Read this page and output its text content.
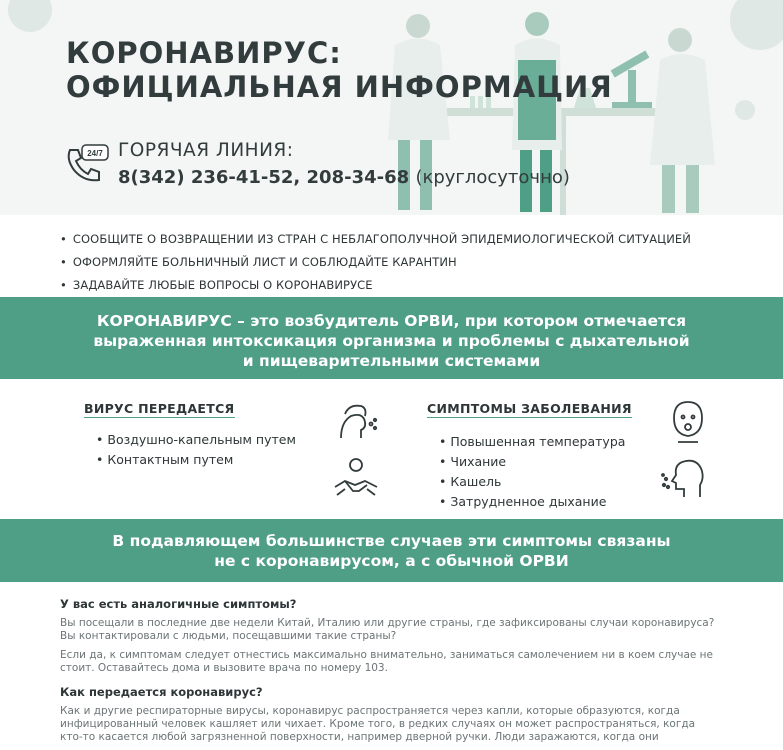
КОРОНАВИРУС:
ОФИЦИАЛЬНАЯ ИНФОРМАЦИЯ
24/7 ГОРЯЧАЯ ЛИНИЯ:
8(342) 236-41-52, 208-34-68 (круглосуточно)
• СООБЩИТЕ О ВОЗВРАЩЕНИИ ИЗ СТРАН С НЕБЛАГОПОЛУЧНОЙ ЭПИДЕМИОЛОГИЧЕСКОЙ СИТУАЦИЕЙ
• ОФОРМЛЯЙТЕ БОЛЬНИЧНЫЙ ЛИСТ И СОБЛЮДАЙТЕ КАРАНТИН
• ЗАДАВАЙТЕ ЛЮБЫЕ ВОПРОСЫ О КОРОНАВИРУСЕ
КОРОНАВИРУС – это возбудитель ОРВИ, при котором отмечается
выраженная интоксикация организма и проблемы с дыхательной
и пищеварительными системами
ВИРУС ПЕРЕДАЕТСЯ
• Воздушно-капельным путем
• Контактным путем
СИМПТОМЫ ЗАБОЛЕВАНИЯ
• Повышенная температура
• Чихание
• Кашель
• Затрудненное дыхание
В подавляющем большинстве случаев эти симптомы связаны
не с коронавирусом, а с обычной ОРВИ
У вас есть аналогичные симптомы?

Вы посещали в последние две недели Китай, Италию или другие страны, где зафиксированы случаи коронавируса? Вы контактировали с людьми, посещавшими такие страны?

Если да, к симптомам следует отнестись максимально внимательно, заниматься самолечением ни в коем случае не стоит. Оставайтесь дома и вызовите врача по номеру 103.

Как передается коронавирус?

Как и другие респираторные вирусы, коронавирус распространяется через капли, которые образуются, когда инфицированный человек кашляет или чихает. Кроме того, в редких случаях он может распространяться, когда кто-то касается любой загрязненной поверхности, например дверной ручки. Люди заражаются, когда они
